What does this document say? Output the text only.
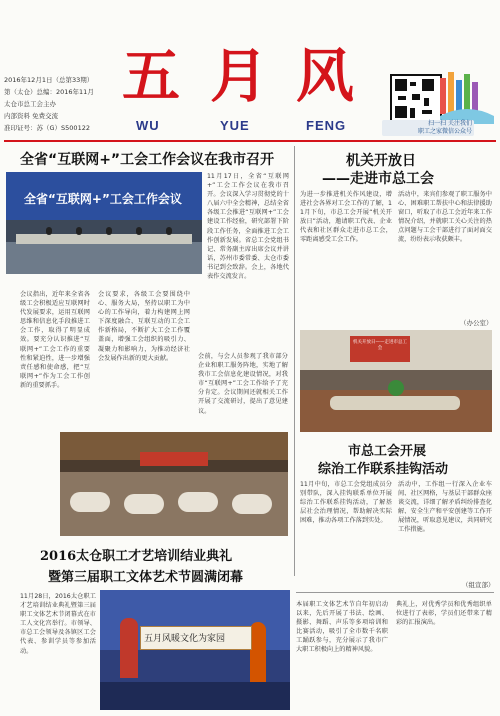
2016年12月1日（总第33期）
第（太仓）总编：2016年11月
太仓市总工会主办
内部资料 免费交流
准印证号：苏（G）S500122
五 月 风
WU	YUE	FENG	扫一扫 关注我们
职工之家微信公众号
全省“互联网+”工会工作会议在我市召开
全省“互联网+”工会工作会议
11月17日，全省“互联网+”工会工作会议在我市召开。会议深入学习贯彻党的十八届六中全会精神，总结全省各级工会推进“互联网+”工会建设工作经验，研究部署下阶段工作任务，全面推进工会工作创新发展。省总工会党组书记、常务副主席出席会议并讲话，苏州市委常委、太仓市委书记到会致辞。会上，各地代表作交流发言。
会议指出，近年来全省各级工会积极适应互联网时代发展要求，运用互联网思维和信息化手段推进工会工作，取得了明显成效。要充分认识推进“互联网+”工会工作的重要性和紧迫性，进一步增强责任感和使命感，把“互联网+”作为工会工作创新的重要抓手。
会议要求，各级工会要围绕中心、服务大局，坚持以职工为中心的工作导向，着力构建网上网下深度融合、互联互动的工会工作新格局，不断扩大工会工作覆盖面，增强工会组织的吸引力、凝聚力和影响力，为推动经济社会发展作出新的更大贡献。	会前，与会人员参观了我市部分企业和职工服务阵地，实地了解我市工会信息化建设情况，对我市“互联网+”工会工作给予了充分肯定。会议期间还就相关工作开展了交流研讨，提出了意见建议。
机关开放日
——走进市总工会
为进一步推进机关作风建设，增进社会各界对工会工作的了解，11月下旬，市总工会开展“机关开放日”活动，邀请职工代表、企业代表和社区群众走进市总工会，零距离感受工会工作。
活动中，来宾们参观了职工服务中心、困难职工帮扶中心和法律援助窗口，听取了市总工会近年来工作情况介绍，并就职工关心关注的热点问题与工会干部进行了面对面交流，纷纷表示收获颇丰。
（办公室）
机关开放日——走进市总工会
市总工会开展
综治工作联系挂钩活动
11月中旬，市总工会党组成员分别带队，深入挂钩联系单位开展综治工作联系挂钩活动，了解基层社会治理情况，帮助解决实际困难，推动各项工作落到实处。
活动中，工作组一行深入企业车间、社区网格，与基层干部群众座谈交流，详细了解矛盾纠纷排查化解、安全生产和平安创建等工作开展情况，听取意见建议，共同研究工作措施。
（组宣部）
2016太仓职工才艺培训结业典礼
暨第三届职工文体艺术节圆满闭幕
11月28日，2016太仓职工才艺培训结业典礼暨第三届职工文体艺术节闭幕式在市工人文化宫举行。市领导、市总工会领导及各镇区工会代表、参训学员等参加活动。
五月风暖文化为家园
本届职工文体艺术节自年初启动以来，先后开展了书法、绘画、摄影、舞蹈、声乐等多项培训和比赛活动，吸引了全市数千名职工踊跃参与，充分展示了我市广大职工积极向上的精神风貌。
典礼上，对优秀学员和优秀组织单位进行了表彰，学员们还带来了精彩的汇报演出。
